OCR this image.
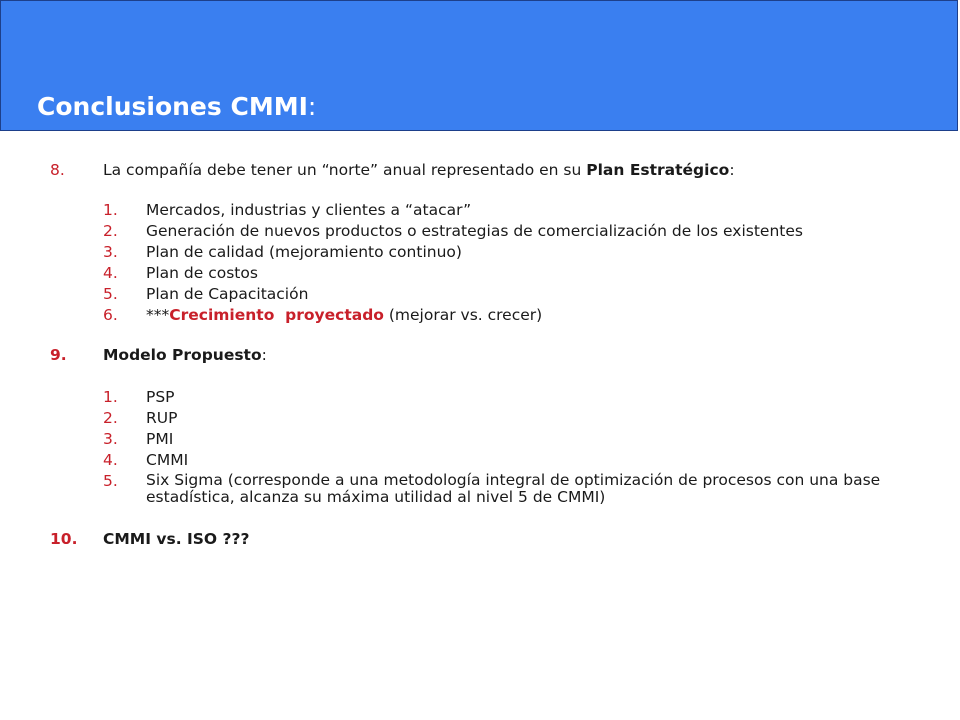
Conclusiones CMMI:
8. La compañía debe tener un “norte” anual representado en su Plan Estratégico:
1. Mercados, industrias y clientes a “atacar”
2. Generación de nuevos productos o estrategias de comercialización de los existentes
3. Plan de calidad (mejoramiento continuo)
4. Plan de costos
5. Plan de Capacitación
6. ***Crecimiento  proyectado (mejorar vs. crecer)
9. Modelo Propuesto:
1. PSP
2. RUP
3. PMI
4. CMMI
5. Six Sigma (corresponde a una metodología integral de optimización de procesos con una base estadística, alcanza su máxima utilidad al nivel 5 de CMMI)
10. CMMI vs. ISO ???
